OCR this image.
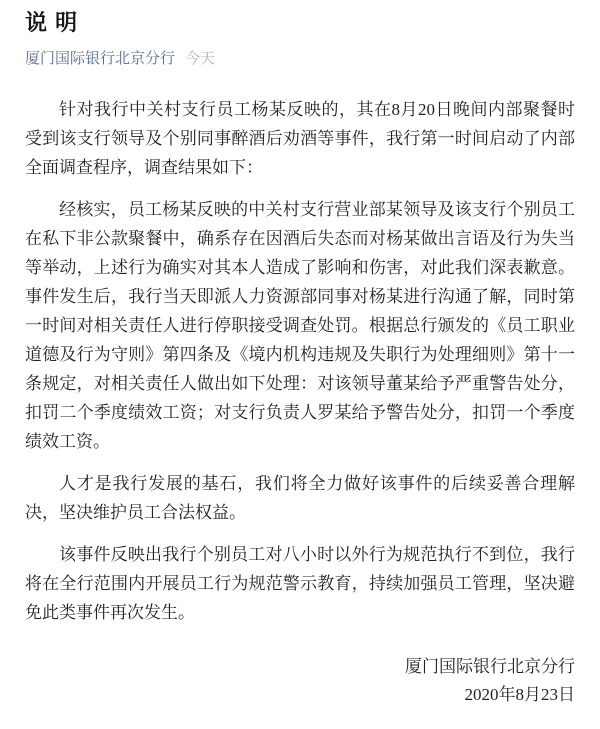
说 明
厦门国际银行北京分行 今天

针对我行中关村支行员工杨某反映的，其在8月20日晚间内部聚餐时受到该支行领导及个别同事醉酒后劝酒等事件，我行第一时间启动了内部全面调查程序，调查结果如下：

经核实，员工杨某反映的中关村支行营业部某领导及该支行个别员工在私下非公款聚餐中，确系存在因酒后失态而对杨某做出言语及行为失当等举动，上述行为确实对其本人造成了影响和伤害，对此我们深表歉意。事件发生后，我行当天即派人力资源部同事对杨某进行沟通了解，同时第一时间对相关责任人进行停职接受调查处罚。根据总行颁发的《员工职业道德及行为守则》第四条及《境内机构违规及失职行为处理细则》第十一条规定，对相关责任人做出如下处理：对该领导董某给予严重警告处分，扣罚二个季度绩效工资；对支行负责人罗某给予警告处分，扣罚一个季度绩效工资。

人才是我行发展的基石，我们将全力做好该事件的后续妥善合理解决，坚决维护员工合法权益。

该事件反映出我行个别员工对八小时以外行为规范执行不到位，我行将在全行范围内开展员工行为规范警示教育，持续加强员工管理，坚决避免此类事件再次发生。

厦门国际银行北京分行
2020年8月23日
